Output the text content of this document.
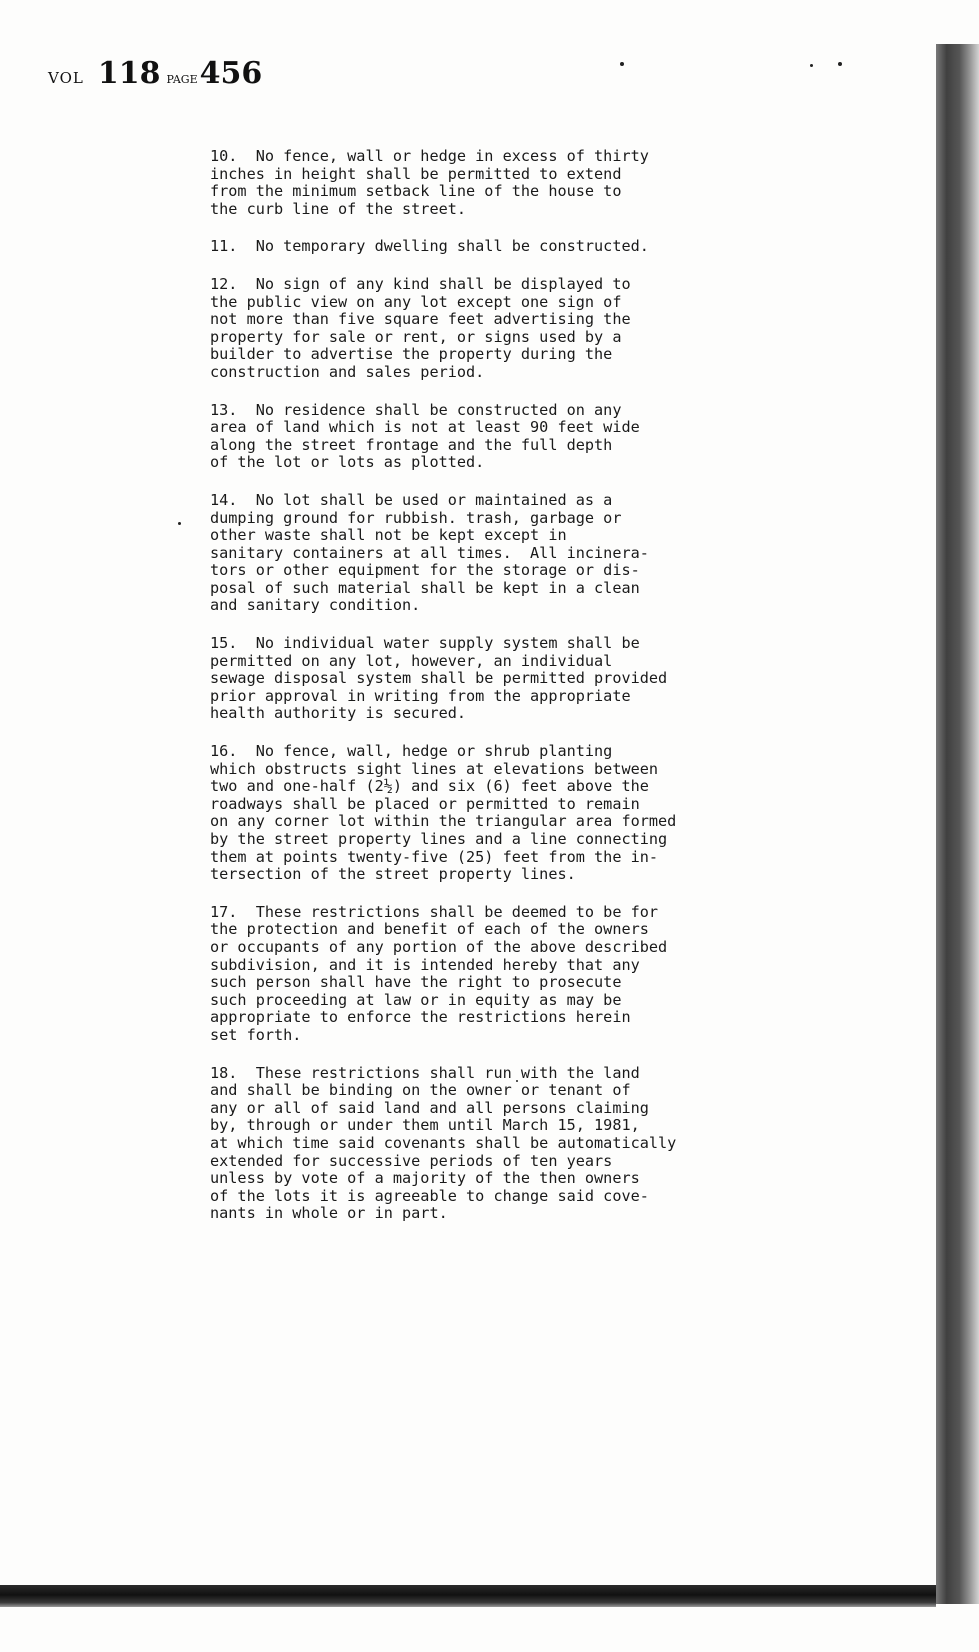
VOL 118 PAGE 456

10.  No fence, wall or hedge in excess of thirty
inches in height shall be permitted to extend
from the minimum setback line of the house to
the curb line of the street.

11.  No temporary dwelling shall be constructed.

12.  No sign of any kind shall be displayed to
the public view on any lot except one sign of
not more than five square feet advertising the
property for sale or rent, or signs used by a
builder to advertise the property during the
construction and sales period.

13.  No residence shall be constructed on any
area of land which is not at least 90 feet wide
along the street frontage and the full depth
of the lot or lots as plotted.

14.  No lot shall be used or maintained as a
dumping ground for rubbish. trash, garbage or
other waste shall not be kept except in
sanitary containers at all times.  All incinera-
tors or other equipment for the storage or dis-
posal of such material shall be kept in a clean
and sanitary condition.

15.  No individual water supply system shall be
permitted on any lot, however, an individual
sewage disposal system shall be permitted provided
prior approval in writing from the appropriate
health authority is secured.

16.  No fence, wall, hedge or shrub planting
which obstructs sight lines at elevations between
two and one-half (2½) and six (6) feet above the
roadways shall be placed or permitted to remain
on any corner lot within the triangular area formed
by the street property lines and a line connecting
them at points twenty-five (25) feet from the in-
tersection of the street property lines.

17.  These restrictions shall be deemed to be for
the protection and benefit of each of the owners
or occupants of any portion of the above described
subdivision, and it is intended hereby that any
such person shall have the right to prosecute
such proceeding at law or in equity as may be
appropriate to enforce the restrictions herein
set forth.

18.  These restrictions shall run with the land
and shall be binding on the owner or tenant of
any or all of said land and all persons claiming
by, through or under them until March 15, 1981,
at which time said covenants shall be automatically
extended for successive periods of ten years
unless by vote of a majority of the then owners
of the lots it is agreeable to change said cove-
nants in whole or in part.
